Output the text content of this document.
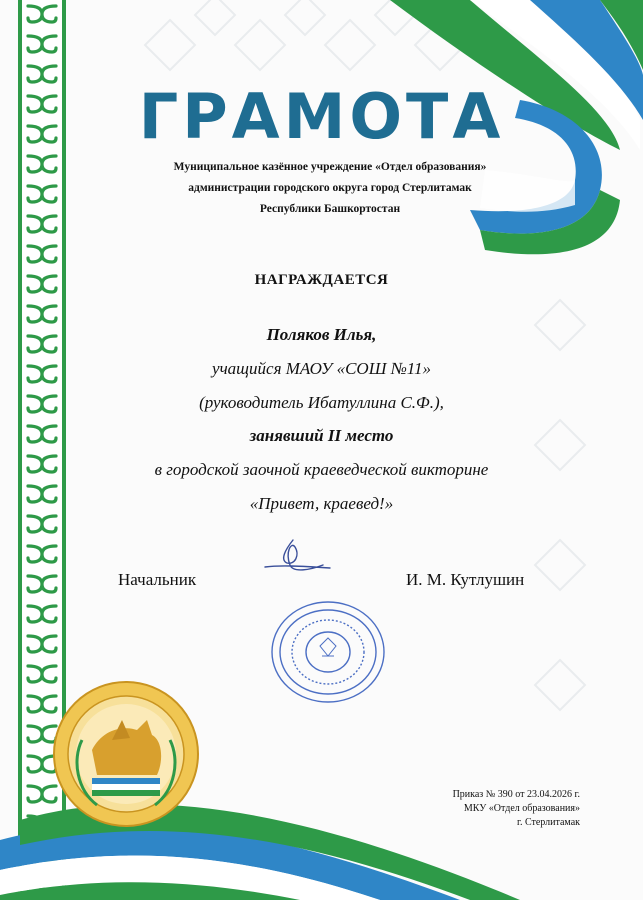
ГРАМОТА
Муниципальное казённое учреждение «Отдел образования»
администрации городского округа город Стерлитамак
Республики Башкортостан
НАГРАЖДАЕТСЯ
Поляков Илья,
учащийся МАОУ «СОШ №11»
(руководитель Ибатуллина С.Ф.),
занявший II место
в городской заочной краеведческой викторине
«Привет, краевед!»
Начальник	И. М. Кутлушин
Приказ № 390 от 23.04.2026 г.
МКУ «Отдел образования»
г. Стерлитамак
